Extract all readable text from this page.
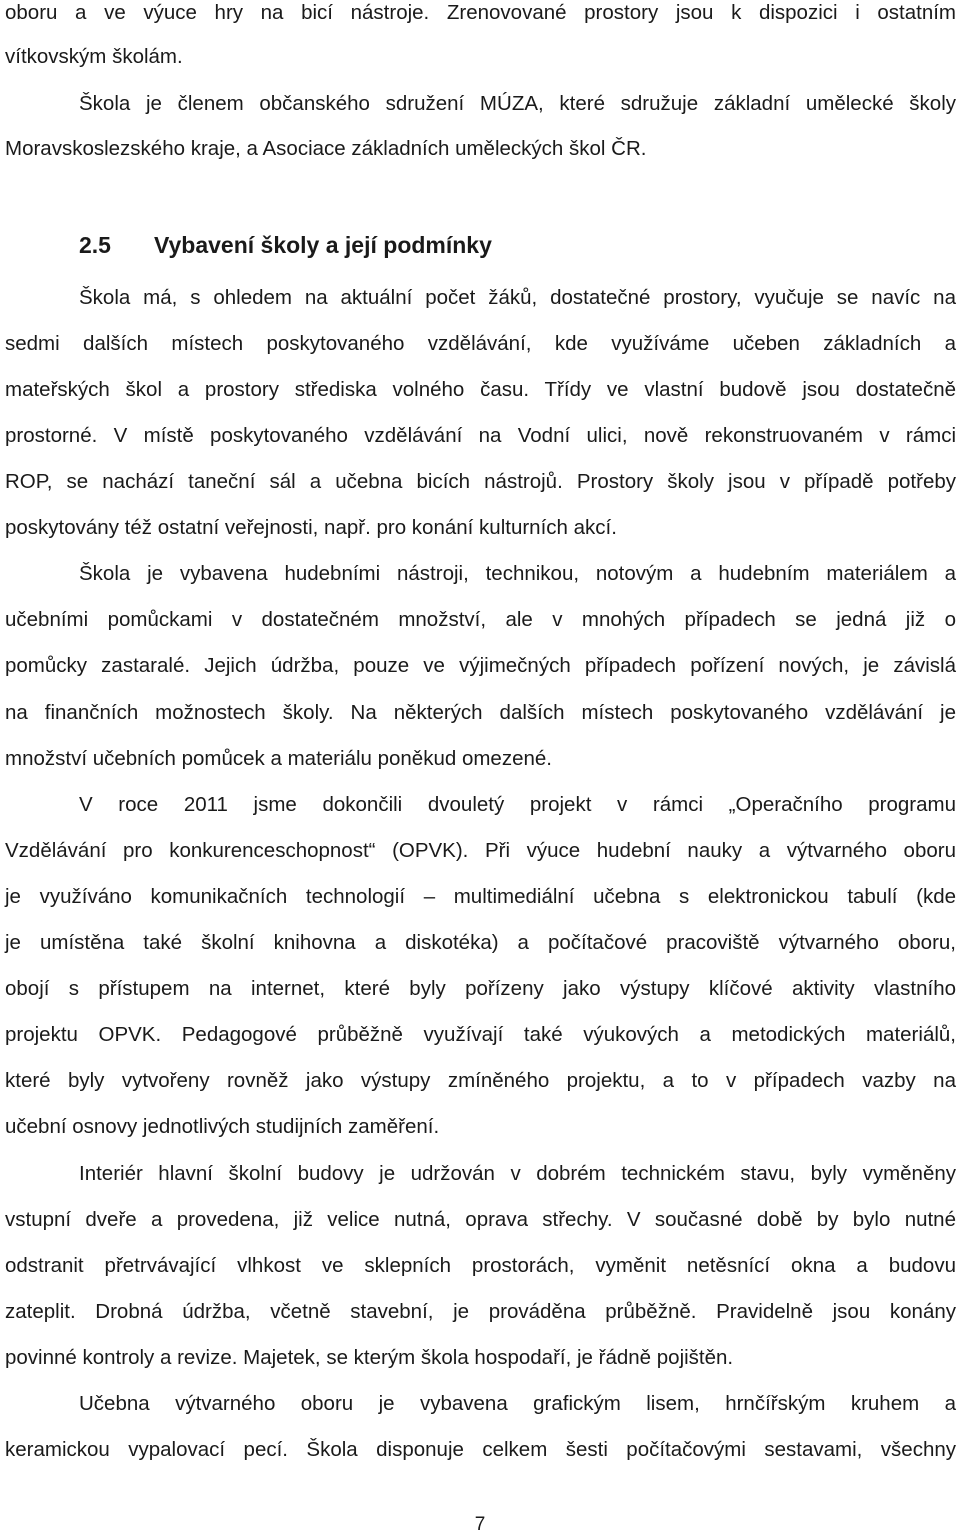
oboru a ve výuce hry na bicí nástroje. Zrenovované prostory jsou k dispozici i ostatním
vítkovským školám.
Škola je členem občanského sdružení MÚZA, které sdružuje základní umělecké školy
Moravskoslezského kraje, a Asociace základních uměleckých škol ČR.
2.5 Vybavení školy a její podmínky
Škola má, s ohledem na aktuální počet žáků, dostatečné prostory, vyučuje se navíc na
sedmi dalších místech poskytovaného vzdělávání, kde využíváme učeben základních a
mateřských škol a prostory střediska volného času. Třídy ve vlastní budově jsou dostatečně
prostorné. V místě poskytovaného vzdělávání na Vodní ulici, nově rekonstruovaném v rámci
ROP, se nachází taneční sál a učebna bicích nástrojů. Prostory školy jsou v případě potřeby
poskytovány též ostatní veřejnosti, např. pro konání kulturních akcí.
Škola je vybavena hudebními nástroji, technikou, notovým a hudebním materiálem a
učebními pomůckami v dostatečném množství, ale v mnohých případech se jedná již o
pomůcky zastaralé. Jejich údržba, pouze ve výjimečných případech pořízení nových, je závislá
na finančních možnostech školy. Na některých dalších místech poskytovaného vzdělávání je
množství učebních pomůcek a materiálu poněkud omezené.
V roce 2011 jsme dokončili dvouletý projekt v rámci „Operačního programu
Vzdělávání pro konkurenceschopnost“ (OPVK). Při výuce hudební nauky a výtvarného oboru
je využíváno komunikačních technologií – multimediální učebna s elektronickou tabulí (kde
je umístěna také školní knihovna a diskotéka) a počítačové pracoviště výtvarného oboru,
obojí s přístupem na internet, které byly pořízeny jako výstupy klíčové aktivity vlastního
projektu OPVK. Pedagogové průběžně využívají také výukových a metodických materiálů,
které byly vytvořeny rovněž jako výstupy zmíněného projektu, a to v případech vazby na
učební osnovy jednotlivých studijních zaměření.
Interiér hlavní školní budovy je udržován v dobrém technickém stavu, byly vyměněny
vstupní dveře a provedena, již velice nutná, oprava střechy. V současné době by bylo nutné
odstranit přetrvávající vlhkost ve sklepních prostorách, vyměnit netěsnící okna a budovu
zateplit. Drobná údržba, včetně stavební, je prováděna průběžně. Pravidelně jsou konány
povinné kontroly a revize. Majetek, se kterým škola hospodaří, je řádně pojištěn.
Učebna výtvarného oboru je vybavena grafickým lisem, hrnčířským kruhem a
keramickou vypalovací pecí. Škola disponuje celkem šesti počítačovými sestavami, všechny
7
